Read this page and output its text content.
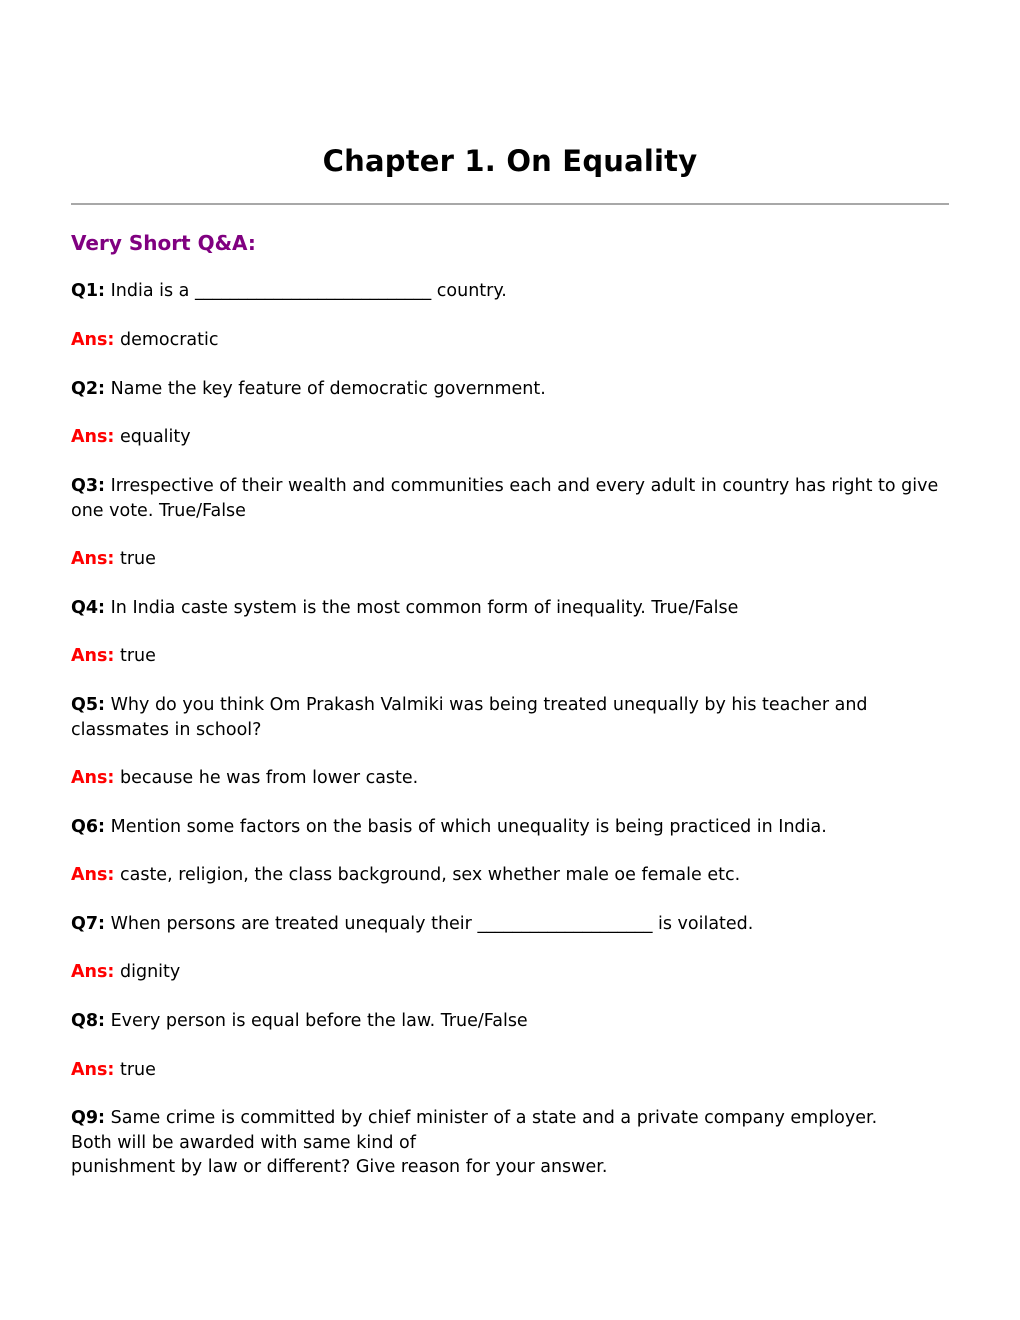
Chapter 1. On Equality
Very Short Q&A:

Q1: India is a ___________________________ country.

Ans: democratic

Q2: Name the key feature of democratic government.

Ans: equality

Q3: Irrespective of their wealth and communities each and every adult in country has right to give one vote. True/False

Ans: true

Q4: In India caste system is the most common form of inequality. True/False

Ans: true

Q5: Why do you think Om Prakash Valmiki was being treated unequally by his teacher and classmates in school?

Ans: because he was from lower caste.

Q6: Mention some factors on the basis of which unequality is being practiced in India.

Ans: caste, religion, the class background, sex whether male oe female etc.

Q7: When persons are treated unequaly their ____________________ is voilated.

Ans: dignity

Q8: Every person is equal before the law. True/False

Ans: true

Q9: Same crime is committed by chief minister of a state and a private company employer.
Both will be awarded with same kind of
punishment by law or different? Give reason for your answer.
